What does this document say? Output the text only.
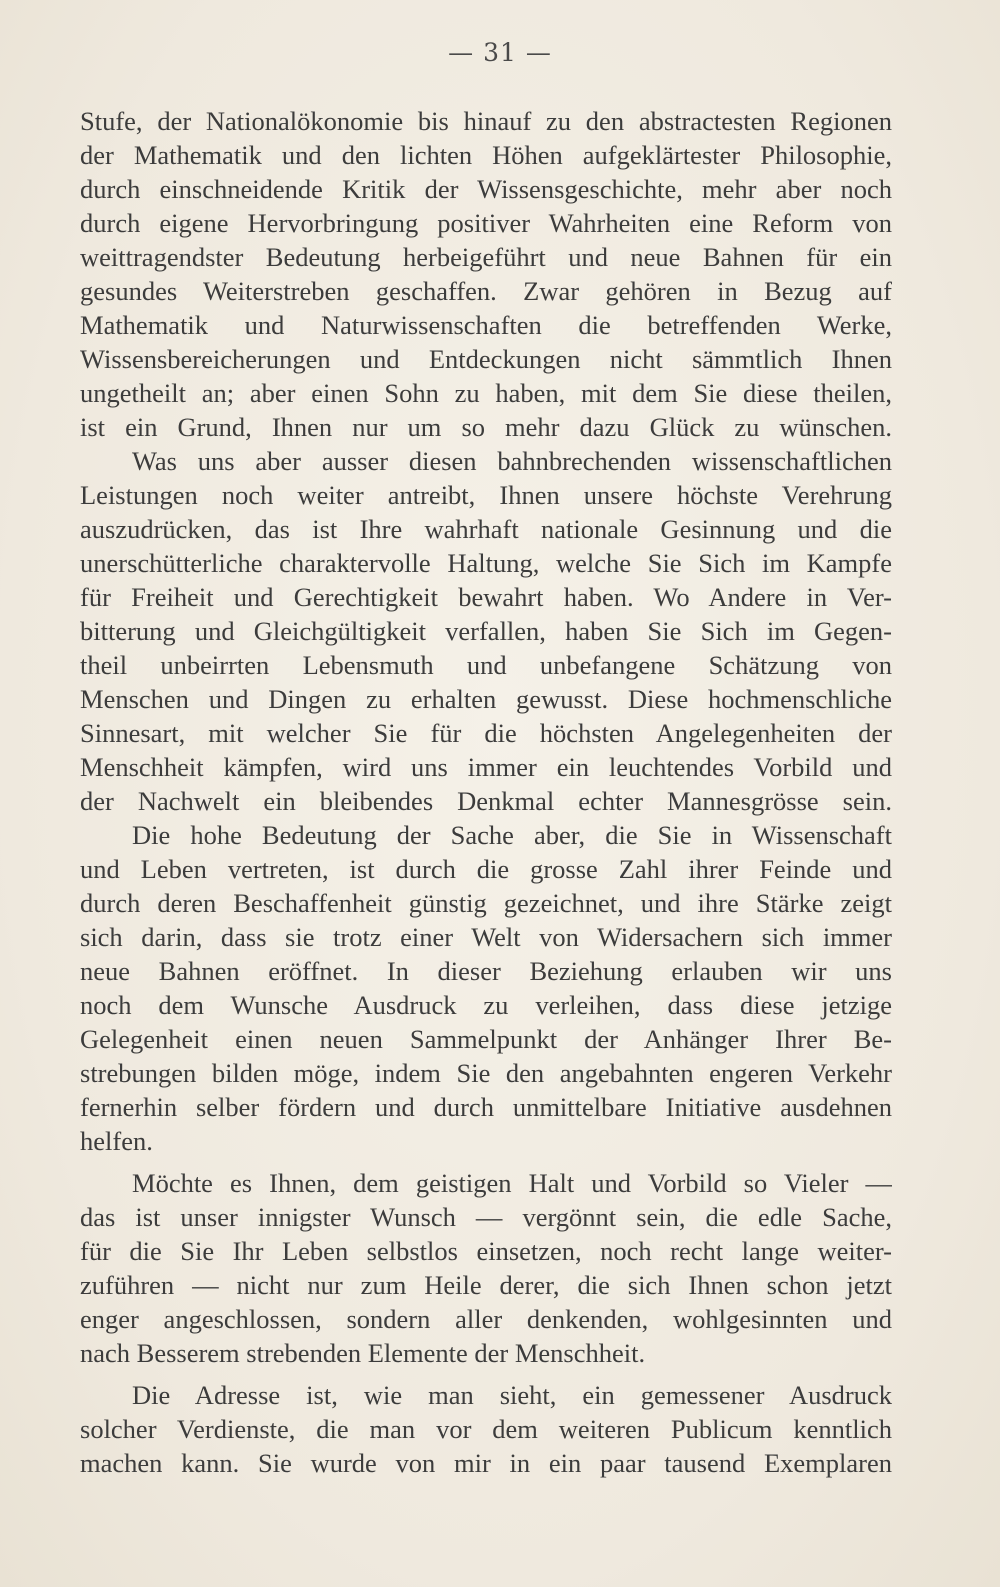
— 31 —
Stufe, der Nationalökonomie bis hinauf zu den abstractesten Regionen
der Mathematik und den lichten Höhen aufgeklärtester Philosophie,
durch einschneidende Kritik der Wissensgeschichte, mehr aber noch
durch eigene Hervorbringung positiver Wahrheiten eine Reform von
weittragendster Bedeutung herbeigeführt und neue Bahnen für ein
gesundes Weiterstreben geschaffen. Zwar gehören in Bezug auf
Mathematik und Naturwissenschaften die betreffenden Werke,
Wissensbereicherungen und Entdeckungen nicht sämmtlich Ihnen
ungetheilt an; aber einen Sohn zu haben, mit dem Sie diese theilen,
ist ein Grund, Ihnen nur um so mehr dazu Glück zu wünschen.
Was uns aber ausser diesen bahnbrechenden wissenschaftlichen
Leistungen noch weiter antreibt, Ihnen unsere höchste Verehrung
auszudrücken, das ist Ihre wahrhaft nationale Gesinnung und die
unerschütterliche charaktervolle Haltung, welche Sie Sich im Kampfe
für Freiheit und Gerechtigkeit bewahrt haben. Wo Andere in Ver-
bitterung und Gleichgültigkeit verfallen, haben Sie Sich im Gegen-
theil unbeirrten Lebensmuth und unbefangene Schätzung von
Menschen und Dingen zu erhalten gewusst. Diese hochmenschliche
Sinnesart, mit welcher Sie für die höchsten Angelegenheiten der
Menschheit kämpfen, wird uns immer ein leuchtendes Vorbild und
der Nachwelt ein bleibendes Denkmal echter Mannesgrösse sein.
Die hohe Bedeutung der Sache aber, die Sie in Wissenschaft
und Leben vertreten, ist durch die grosse Zahl ihrer Feinde und
durch deren Beschaffenheit günstig gezeichnet, und ihre Stärke zeigt
sich darin, dass sie trotz einer Welt von Widersachern sich immer
neue Bahnen eröffnet. In dieser Beziehung erlauben wir uns
noch dem Wunsche Ausdruck zu verleihen, dass diese jetzige
Gelegenheit einen neuen Sammelpunkt der Anhänger Ihrer Be-
strebungen bilden möge, indem Sie den angebahnten engeren Verkehr
fernerhin selber fördern und durch unmittelbare Initiative ausdehnen
helfen.
Möchte es Ihnen, dem geistigen Halt und Vorbild so Vieler —
das ist unser innigster Wunsch — vergönnt sein, die edle Sache,
für die Sie Ihr Leben selbstlos einsetzen, noch recht lange weiter-
zuführen — nicht nur zum Heile derer, die sich Ihnen schon jetzt
enger angeschlossen, sondern aller denkenden, wohlgesinnten und
nach Besserem strebenden Elemente der Menschheit.
Die Adresse ist, wie man sieht, ein gemessener Ausdruck
solcher Verdienste, die man vor dem weiteren Publicum kenntlich
machen kann. Sie wurde von mir in ein paar tausend Exemplaren
